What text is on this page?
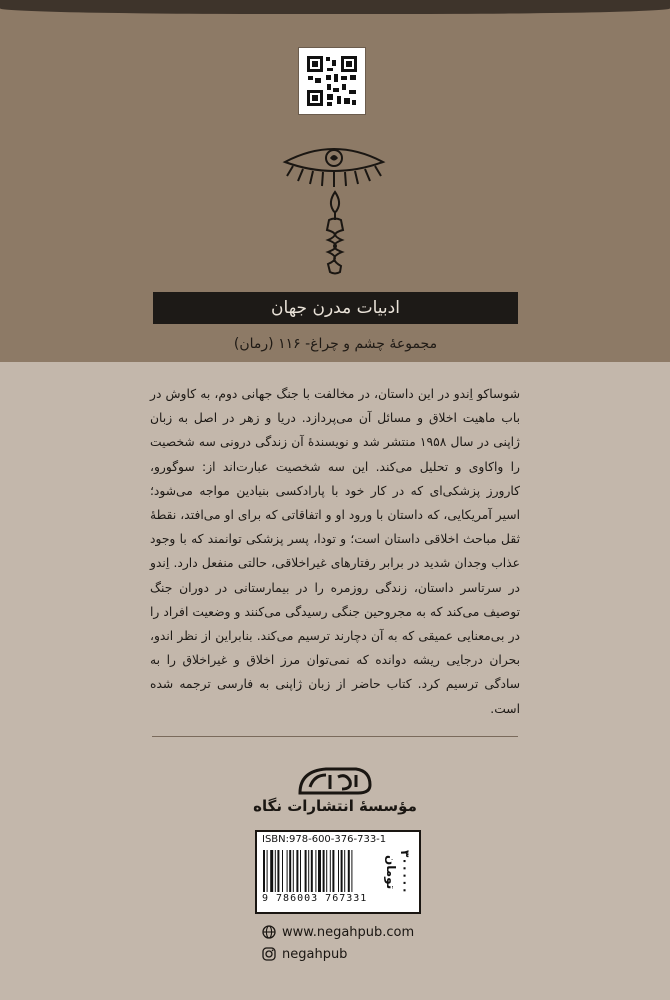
ادبیات مدرن جهان
مجموعهٔ چشم و چراغ- ۱۱۶ (رمان)

شوساکو اِندو در این داستان، در مخالفت با جنگ جهانی دوم، به کاوش در باب ماهیت اخلاق و مسائل آن می‌پردازد. دریا و زهر در اصل به زبان ژاپنی در سال ۱۹۵۸ منتشر شد و نویسندهٔ آن زندگی درونی سه شخصیت را واکاوی و تحلیل می‌کند. این سه شخصیت عبارت‌اند از: سوگورو، کارورز پزشکی‌ای که در کار خود با پارادکسی بنیادین مواجه می‌شود؛ اسیر آمریکایی، که داستان با ورود او و اتفاقاتی که برای او می‌افتد، نقطهٔ ثقل مباحث اخلاقی داستان است؛ و تودا، پسر پزشکی توانمند که با وجود عذاب وجدان شدید در برابر رفتارهای غیراخلاقی، حالتی منفعل دارد. اِندو در سرتاسر داستان، زندگی روزمره را در بیمارستانی در دوران جنگ توصیف می‌کند که به مجروحین جنگی رسیدگی می‌کنند و وضعیت افراد را در بی‌معنایی عمیقی که به آن دچارند ترسیم می‌کند. بنابراین از نظر اندو، بحران درجایی ریشه دوانده که نمی‌توان مرز اخلاق و غیراخلاق را به سادگی ترسیم کرد. کتاب حاضر از زبان ژاپنی به فارسی ترجمه شده است.

مؤسسهٔ انتشارات نگاه
ISBN:978-600-376-733-1
9 786003 767331
۳۰۰۰۰۰ تومان
www.negahpub.com
negahpub
